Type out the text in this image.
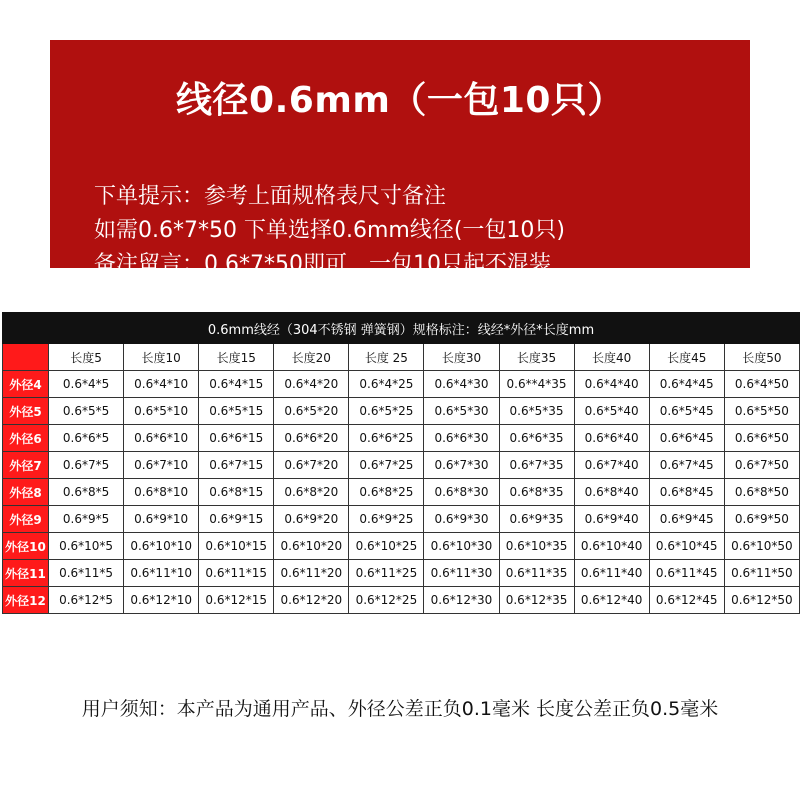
线径0.6mm（一包10只）
下单提示：参考上面规格表尺寸备注
如需0.6*7*50 下单选择0.6mm线径(一包10只)
备注留言：0.6*7*50即可，一包10只起不混装
0.6mm线经（304不锈钢 弹簧钢）规格标注：线经*外径*长度mm										
	长度5	长度10	长度15	长度20	长度 25	长度30	长度35	长度40	长度45	长度50
外径4	0.6*4*5	0.6*4*10	0.6*4*15	0.6*4*20	0.6*4*25	0.6*4*30	0.6**4*35	0.6*4*40	0.6*4*45	0.6*4*50
外径5	0.6*5*5	0.6*5*10	0.6*5*15	0.6*5*20	0.6*5*25	0.6*5*30	0.6*5*35	0.6*5*40	0.6*5*45	0.6*5*50
外径6	0.6*6*5	0.6*6*10	0.6*6*15	0.6*6*20	0.6*6*25	0.6*6*30	0.6*6*35	0.6*6*40	0.6*6*45	0.6*6*50
外径7	0.6*7*5	0.6*7*10	0.6*7*15	0.6*7*20	0.6*7*25	0.6*7*30	0.6*7*35	0.6*7*40	0.6*7*45	0.6*7*50
外径8	0.6*8*5	0.6*8*10	0.6*8*15	0.6*8*20	0.6*8*25	0.6*8*30	0.6*8*35	0.6*8*40	0.6*8*45	0.6*8*50
外径9	0.6*9*5	0.6*9*10	0.6*9*15	0.6*9*20	0.6*9*25	0.6*9*30	0.6*9*35	0.6*9*40	0.6*9*45	0.6*9*50
外径10	0.6*10*5	0.6*10*10	0.6*10*15	0.6*10*20	0.6*10*25	0.6*10*30	0.6*10*35	0.6*10*40	0.6*10*45	0.6*10*50
外径11	0.6*11*5	0.6*11*10	0.6*11*15	0.6*11*20	0.6*11*25	0.6*11*30	0.6*11*35	0.6*11*40	0.6*11*45	0.6*11*50
外径12	0.6*12*5	0.6*12*10	0.6*12*15	0.6*12*20	0.6*12*25	0.6*12*30	0.6*12*35	0.6*12*40	0.6*12*45	0.6*12*50
用户须知：本产品为通用产品、外径公差正负0.1毫米 长度公差正负0.5毫米
